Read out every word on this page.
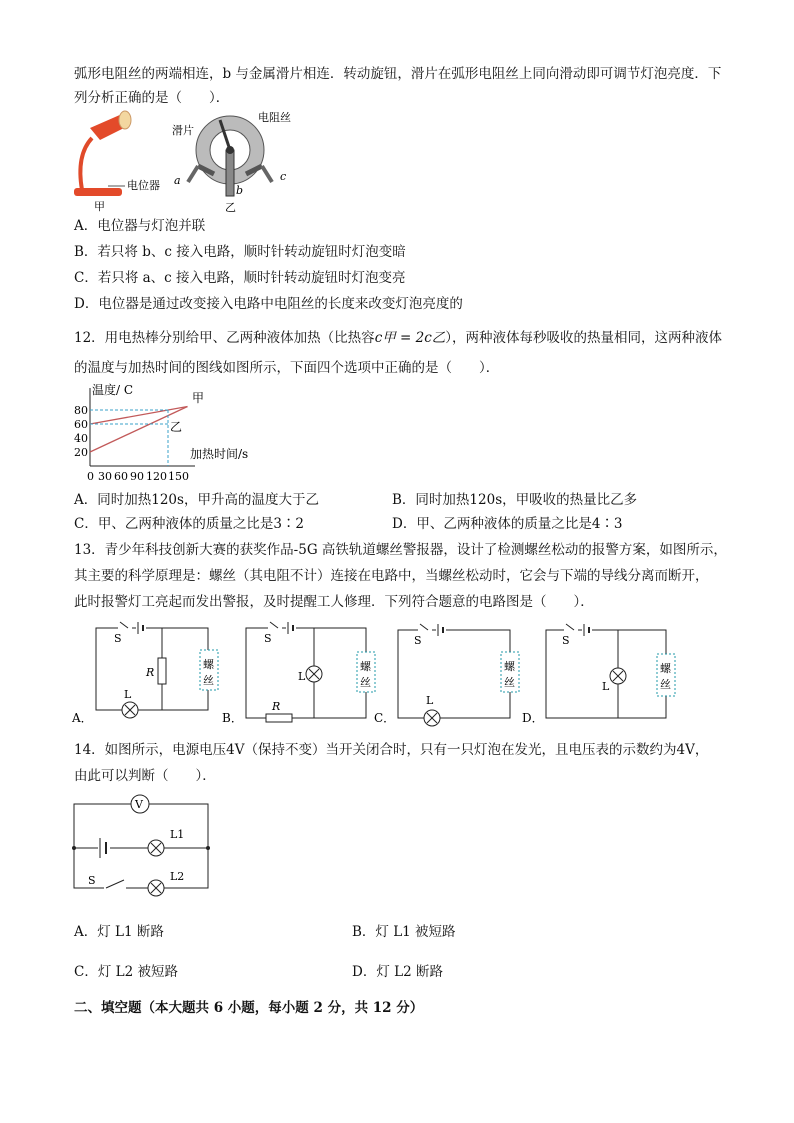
弧形电阻丝的两端相连，b 与金属滑片相连．转动旋钮，滑片在弧形电阻丝上同向滑动即可调节灯泡亮度．下
列分析正确的是（　　）．
电位器
甲
滑片
电阻丝
a
b
c
乙
A．电位器与灯泡并联
B．若只将 b、c 接入电路，顺时针转动旋钮时灯泡变暗
C．若只将 a、c 接入电路，顺时针转动旋钮时灯泡变亮
D．电位器是通过改变接入电路中电阻丝的长度来改变灯泡亮度的
12．用电热棒分别给甲、乙两种液体加热（比热容c甲 = 2c乙），两种液体每秒吸收的热量相同，这两种液体
的温度与加热时间的图线如图所示，下面四个选项中正确的是（　　）．
温度/ C
加热时间/s
80
60
40
20
0 30 60 90 120 150
甲
乙
A．同时加热120s，甲升高的温度大于乙	B．同时加热120s，甲吸收的热量比乙多
C．甲、乙两种液体的质量之比是3∶2	D．甲、乙两种液体的质量之比是4∶3
13．青少年科技创新大赛的获奖作品-5G 高铁轨道螺丝警报器，设计了检测螺丝松动的报警方案，如图所示，
其主要的科学原理是：螺丝（其电阻不计）连接在电路中，当螺丝松动时，它会与下端的导线分离而断开，
此时报警灯工亮起而发出警报，及时提醒工人修理．下列符合题意的电路图是（　　）．
S
R
L
螺
丝
A．
S
L
R
螺
丝
B．
S
L
螺
丝
C．
S
L
螺
丝
D．
14．如图所示，电源电压4V（保持不变）当开关闭合时，只有一只灯泡在发光，且电压表的示数约为4V，
由此可以判断（　　）．
V
L1
S	L2
A．灯 L1 断路	B．灯 L1 被短路
C．灯 L2 被短路	D．灯 L2 断路
二、填空题（本大题共 6 小题，每小题 2 分，共 12 分）
